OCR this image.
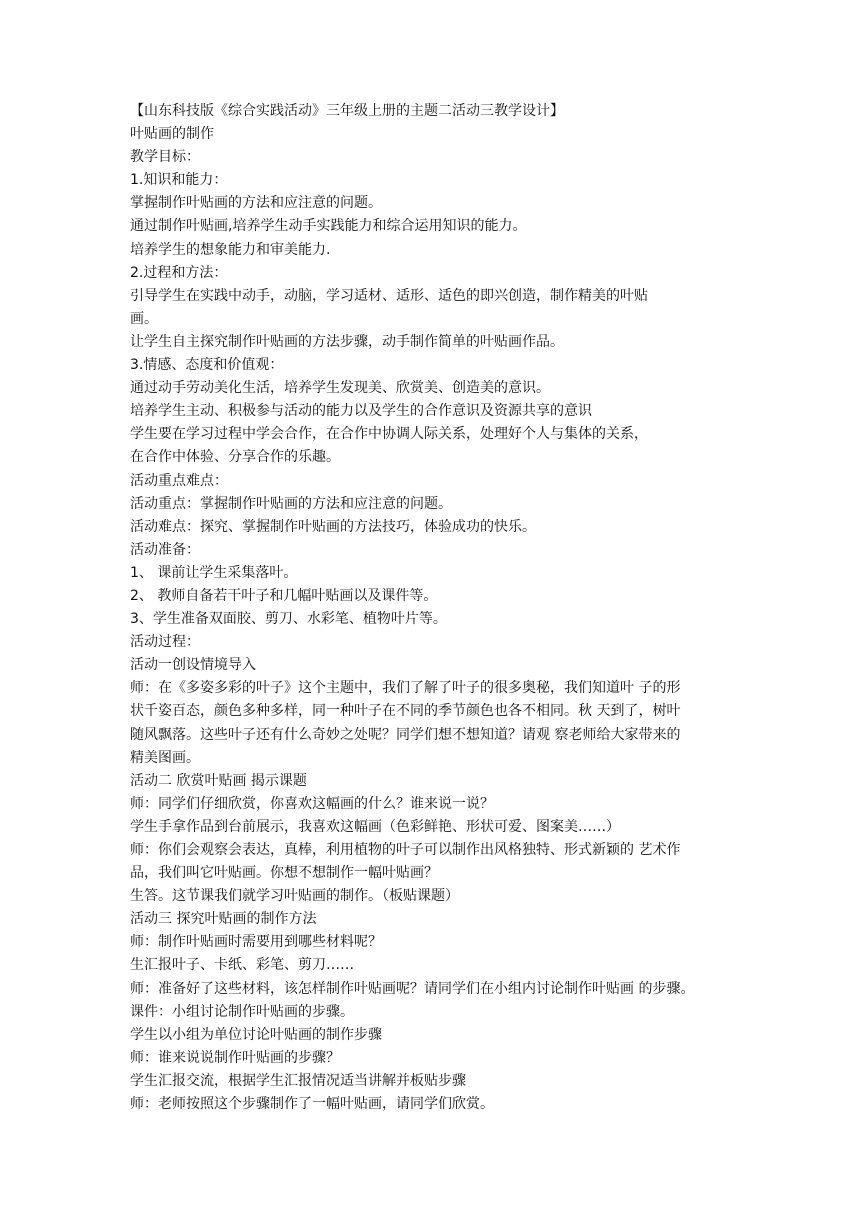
【山东科技版《综合实践活动》三年级上册的主题二活动三教学设计】
叶贴画的制作
教学目标：
1.知识和能力：
掌握制作叶贴画的方法和应注意的问题。
通过制作叶贴画,培养学生动手实践能力和综合运用知识的能力。
培养学生的想象能力和审美能力.
2.过程和方法：
引导学生在实践中动手，动脑，学习适材、适形、适色的即兴创造，制作精美的叶贴
画。
让学生自主探究制作叶贴画的方法步骤，动手制作简单的叶贴画作品。
3.情感、态度和价值观：
通过动手劳动美化生活，培养学生发现美、欣赏美、创造美的意识。
培养学生主动、积极参与活动的能力以及学生的合作意识及资源共享的意识
学生要在学习过程中学会合作，在合作中协调人际关系，处理好个人与集体的关系，
在合作中体验、分享合作的乐趣。
活动重点难点：
活动重点：掌握制作叶贴画的方法和应注意的问题。
活动难点：探究、掌握制作叶贴画的方法技巧，体验成功的快乐。
活动准备：
1、 课前让学生采集落叶。
2、 教师自备若干叶子和几幅叶贴画以及课件等。
3、学生准备双面胶、剪刀、水彩笔、植物叶片等。
活动过程：
活动一创设情境导入
师：在《多姿多彩的叶子》这个主题中，我们了解了叶子的很多奥秘，我们知道叶 子的形
状千姿百态，颜色多种多样，同一种叶子在不同的季节颜色也各不相同。秋 天到了，树叶
随风飘落。这些叶子还有什么奇妙之处呢？同学们想不想知道？请观 察老师给大家带来的
精美图画。
活动二 欣赏叶贴画 揭示课题
师：同学们仔细欣赏，你喜欢这幅画的什么？谁来说一说？
学生手拿作品到台前展示，我喜欢这幅画（色彩鲜艳、形状可爱、图案美‥‥‥）
师：你们会观察会表达，真棒，利用植物的叶子可以制作出风格独特、形式新颖的 艺术作
品，我们叫它叶贴画。你想不想制作一幅叶贴画？
生答。这节课我们就学习叶贴画的制作。（板贴课题）
活动三 探究叶贴画的制作方法
师：制作叶贴画时需要用到哪些材料呢？
生汇报叶子、卡纸、彩笔、剪刀‥‥‥
师：准备好了这些材料，该怎样制作叶贴画呢？请同学们在小组内讨论制作叶贴画 的步骤。
课件：小组讨论制作叶贴画的步骤。
学生以小组为单位讨论叶贴画的制作步骤
师：谁来说说制作叶贴画的步骤？
学生汇报交流，根据学生汇报情况适当讲解并板贴步骤
师：老师按照这个步骤制作了一幅叶贴画，请同学们欣赏。
